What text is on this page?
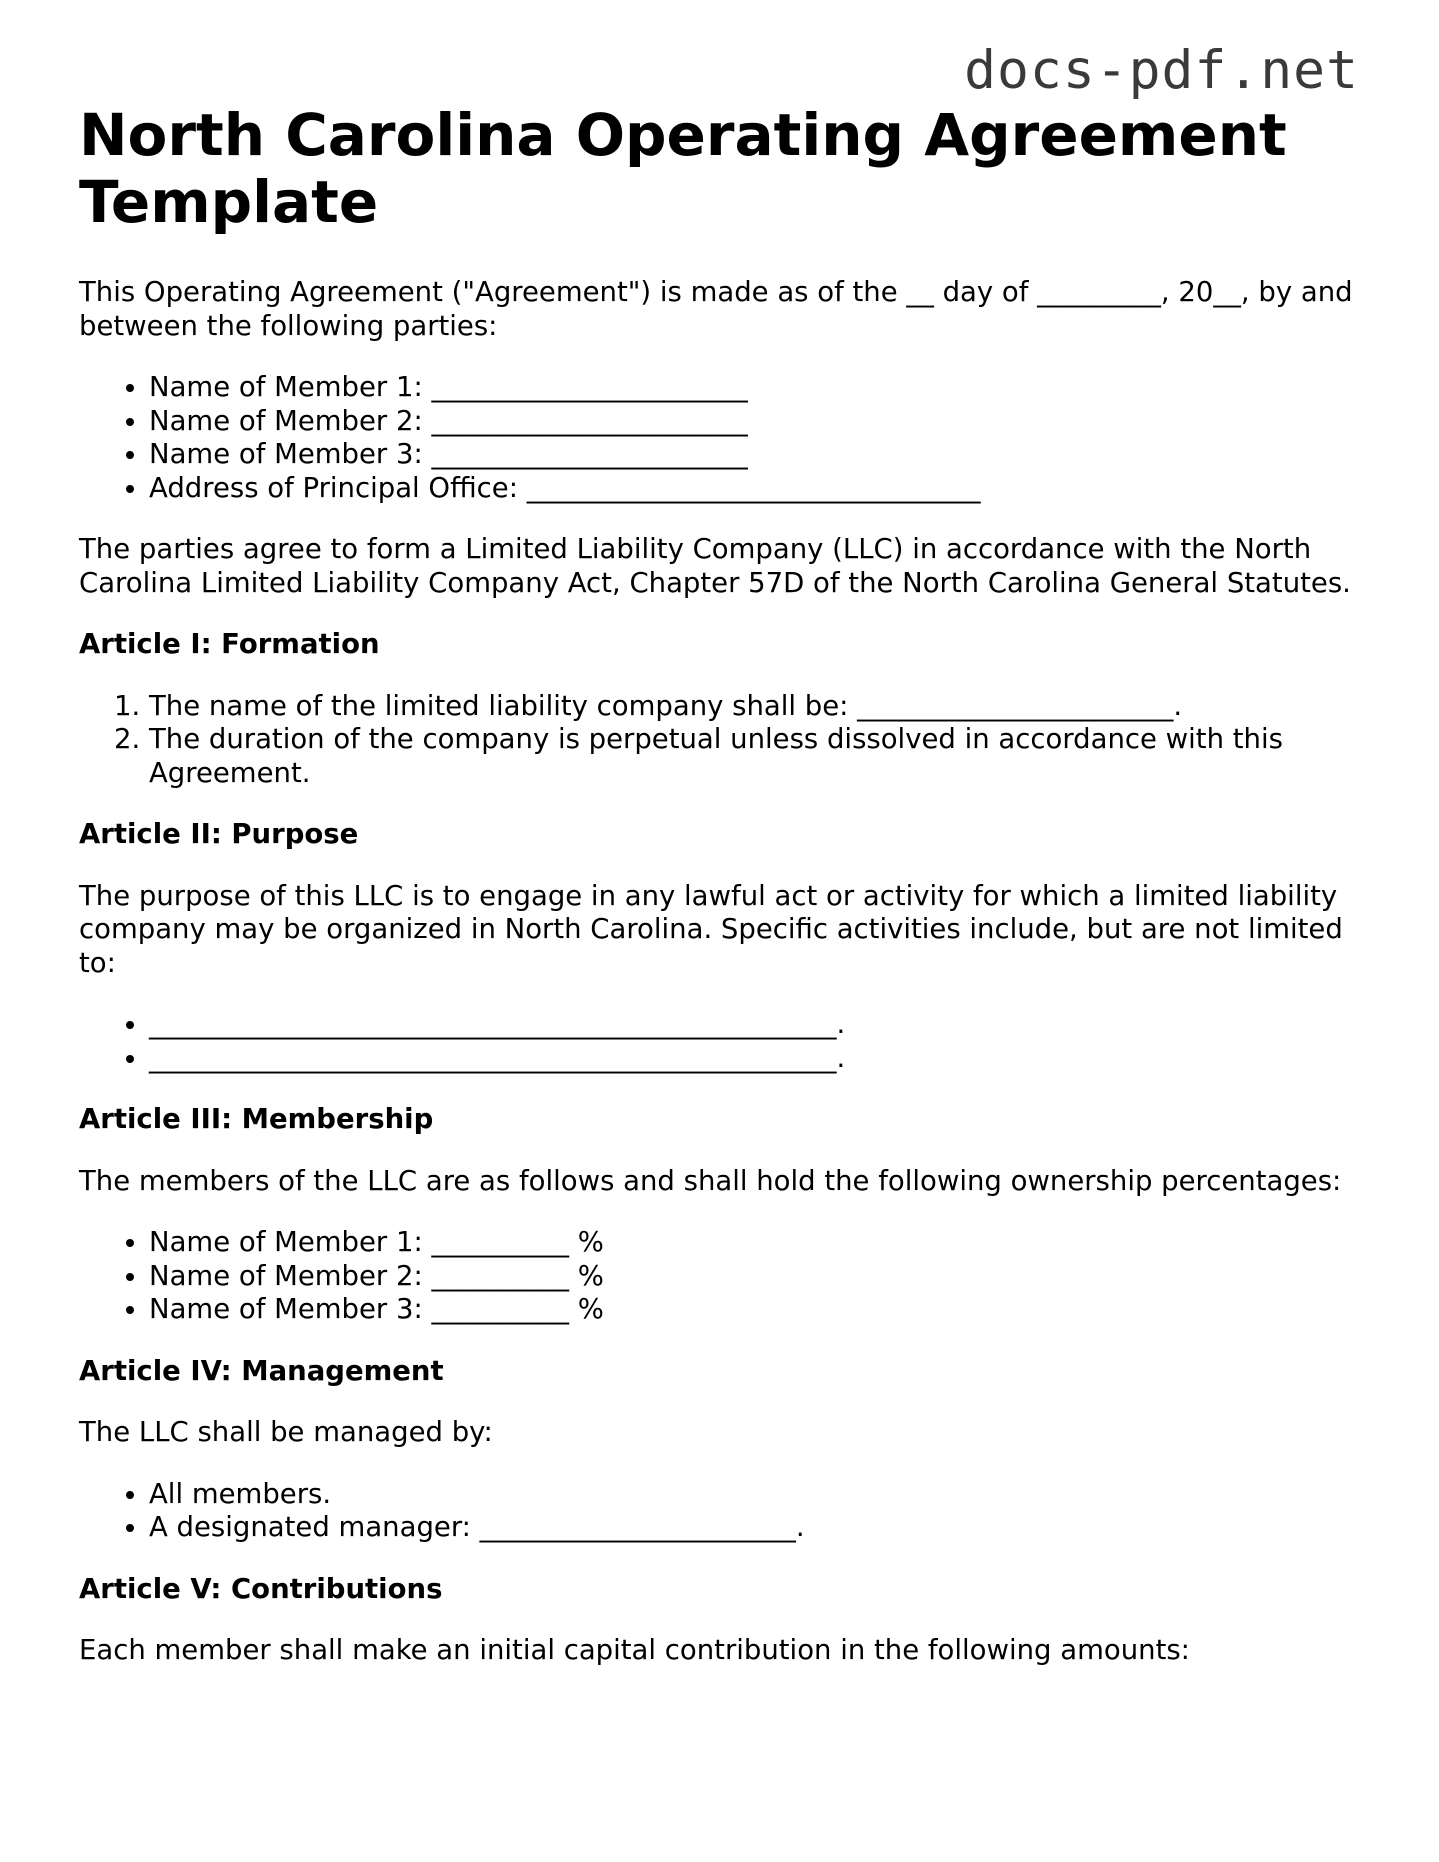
docs-pdf.net
North Carolina Operating Agreement Template

This Operating Agreement ("Agreement") is made as of the __ day of _________, 20__, by and between the following parties:

• Name of Member 1: _______________________
• Name of Member 2: _______________________
• Name of Member 3: _______________________
• Address of Principal Office: _________________________________

The parties agree to form a Limited Liability Company (LLC) in accordance with the North Carolina Limited Liability Company Act, Chapter 57D of the North Carolina General Statutes.

Article I: Formation
1. The name of the limited liability company shall be: _______________________.
2. The duration of the company is perpetual unless dissolved in accordance with this Agreement.
Article II: Purpose

The purpose of this LLC is to engage in any lawful act or activity for which a limited liability company may be organized in North Carolina. Specific activities include, but are not limited to:

• __________________________________________________.
• __________________________________________________.
Article III: Membership

The members of the LLC are as follows and shall hold the following ownership percentages:

• Name of Member 1: __________ %
• Name of Member 2: __________ %
• Name of Member 3: __________ %
Article IV: Management

The LLC shall be managed by:

• All members.
• A designated manager: _______________________.
Article V: Contributions

Each member shall make an initial capital contribution in the following amounts:
